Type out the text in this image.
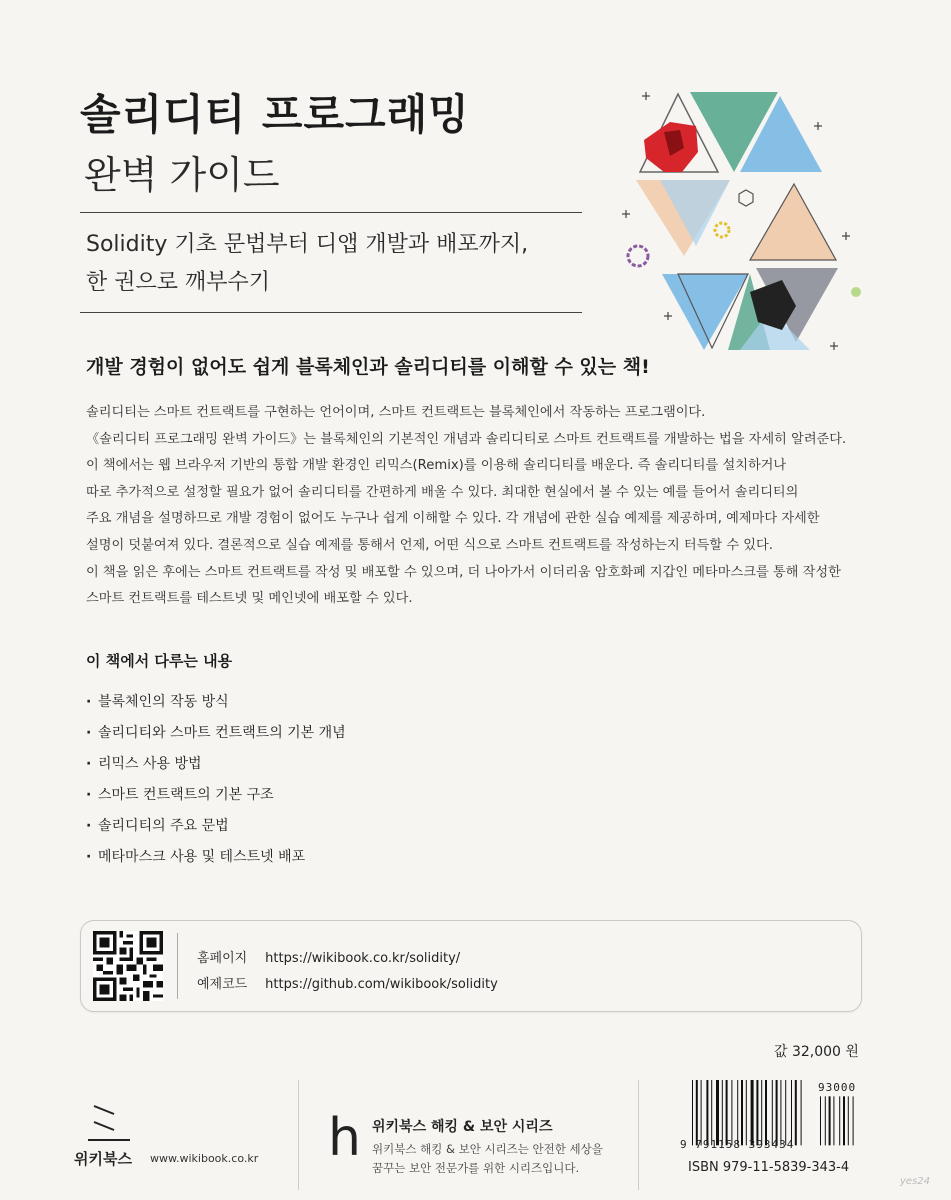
솔리디티 프로그래밍
완벽 가이드
Solidity 기초 문법부터 디앱 개발과 배포까지,
한 권으로 깨부수기
개발 경험이 없어도 쉽게 블록체인과 솔리디티를 이해할 수 있는 책!
솔리디티는 스마트 컨트랙트를 구현하는 언어이며, 스마트 컨트랙트는 블록체인에서 작동하는 프로그램이다.
《솔리디티 프로그래밍 완벽 가이드》는 블록체인의 기본적인 개념과 솔리디티로 스마트 컨트랙트를 개발하는 법을 자세히 알려준다.
이 책에서는 웹 브라우저 기반의 통합 개발 환경인 리믹스(Remix)를 이용해 솔리디티를 배운다. 즉 솔리디티를 설치하거나
따로 추가적으로 설정할 필요가 없어 솔리디티를 간편하게 배울 수 있다. 최대한 현실에서 볼 수 있는 예를 들어서 솔리디티의
주요 개념을 설명하므로 개발 경험이 없어도 누구나 쉽게 이해할 수 있다. 각 개념에 관한 실습 예제를 제공하며, 예제마다 자세한
설명이 덧붙여져 있다. 결론적으로 실습 예제를 통해서 언제, 어떤 식으로 스마트 컨트랙트를 작성하는지 터득할 수 있다.
이 책을 읽은 후에는 스마트 컨트랙트를 작성 및 배포할 수 있으며, 더 나아가서 이더리움 암호화폐 지갑인 메타마스크를 통해 작성한
스마트 컨트랙트를 테스트넷 및 메인넷에 배포할 수 있다.
이 책에서 다루는 내용
· 블록체인의 작동 방식
· 솔리디티와 스마트 컨트랙트의 기본 개념
· 리믹스 사용 방법
· 스마트 컨트랙트의 기본 구조
· 솔리디티의 주요 문법
· 메타마스크 사용 및 테스트넷 배포
홈페이지 https://wikibook.co.kr/solidity/
예제코드 https://github.com/wikibook/solidity
값 32,000 원
위키북스 www.wikibook.co.kr h 위키북스 해킹 & 보안 시리즈
위키북스 해킹 & 보안 시리즈는 안전한 세상을
꿈꾸는 보안 전문가를 위한 시리즈입니다.
93000
9 791158 393434
ISBN 979-11-5839-343-4
yes24
